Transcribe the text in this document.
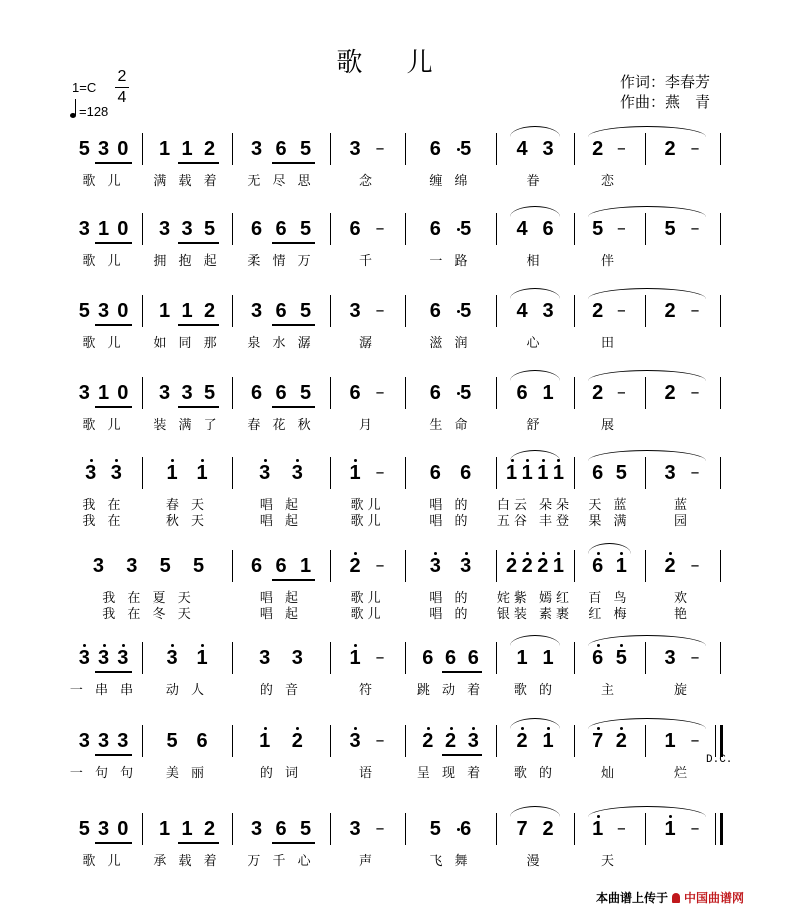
歌 儿
作词：李春芳
作曲：燕　青
1=C
2
4
=128
5 3 0 1 1 2 3 6 5 3 – 6 5 4 3 2 – 2 –
歌 儿	满 载 着	无 尽 思	念	缠 绵	眷	恋
3 1 0 3 3 5 6 6 5 6 – 6 5 4 6 5 – 5 –
歌 儿	拥 抱 起	柔 情 万	千	一 路	相	伴
5 3 0 1 1 2 3 6 5 3 – 6 5 4 3 2 – 2 –
歌 儿	如 同 那	泉 水 潺	潺	滋 润	心	田
3 1 0 3 3 5 6 6 5 6 – 6 5 6 1 2 – 2 –
歌 儿	装 满 了	春 花 秋	月	生 命	舒	展
3 3 1 1	3 3 1 – 6 6 1 1 1 1 6 5 3 –
我 在	春 天	唱 起	歌儿	唱 的	白云 朵朵	天 蓝	蓝
我 在	秋 天	唱 起	歌儿	唱 的	五谷 丰登	果 满	园
3 3 5 5 6 6 1 2 – 3 3 2 2 2 1 6 1 2 –
我 在 夏 天	唱 起	歌儿	唱 的	姹紫 嫣红	百 鸟	欢
我 在 冬 天	唱 起	歌儿	唱 的	银装 素裹	红 梅	艳
3 3 3 3 1	3 3 1 – 6 6 6 1 1 6 5 3 –
一 串 串	动 人	的 音	符	跳 动 着	歌 的	主	旋
3 3 3 5 6	1 2 3 – 2 2 3 2 1 7 2 1 –
一 句 句	美 丽	的 词	语	呈 现 着	歌 的	灿	烂
5 3 0 1 1 2 3 6 5 3 – 5 6 7 2 1 – 1 –
歌 儿	承 载 着	万 千 心	声	飞 舞	漫	天
D.C.
本曲谱上传于 中国曲谱网
